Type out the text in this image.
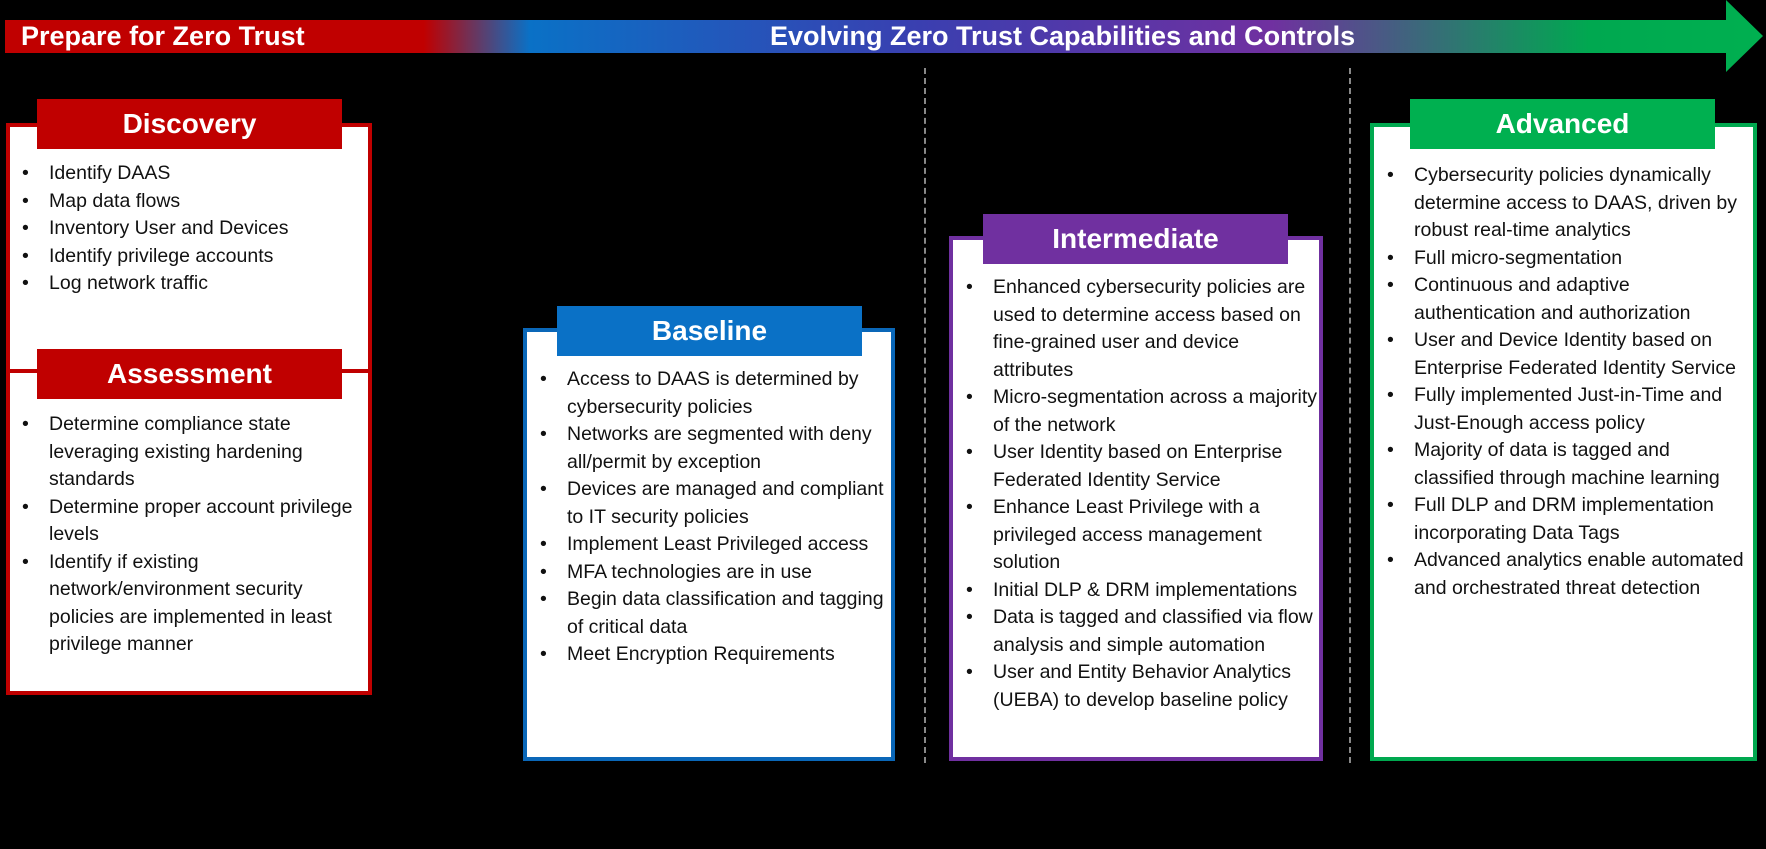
Prepare for Zero Trust	Evolving Zero Trust Capabilities and Controls
Discovery
• Identify DAAS
• Map data flows
• Inventory User and Devices
• Identify privilege accounts
• Log network traffic
Assessment
• Determine compliance state leveraging existing hardening standards
• Determine proper account privilege levels
• Identify if existing network/environment security policies are implemented in least privilege manner
Baseline
• Access to DAAS is determined by cybersecurity policies
• Networks are segmented with deny all/permit by exception
• Devices are managed and compliant to IT security policies
• Implement Least Privileged access
• MFA technologies are in use
• Begin data classification and tagging of critical data
• Meet Encryption Requirements
Intermediate
• Enhanced cybersecurity policies are used to determine access based on fine-grained user and device attributes
• Micro-segmentation across a majority of the network
• User Identity based on Enterprise Federated Identity Service
• Enhance Least Privilege with a privileged access management solution
• Initial DLP & DRM implementations
• Data is tagged and classified via flow analysis and simple automation
• User and Entity Behavior Analytics (UEBA) to develop baseline policy
Advanced
• Cybersecurity policies dynamically determine access to DAAS, driven by robust real-time analytics
• Full micro-segmentation
• Continuous and adaptive authentication and authorization
• User and Device Identity based on Enterprise Federated Identity Service
• Fully implemented Just-in-Time and Just-Enough access policy
• Majority of data is tagged and classified through machine learning
• Full DLP and DRM implementation incorporating Data Tags
• Advanced analytics enable automated and orchestrated threat detection
